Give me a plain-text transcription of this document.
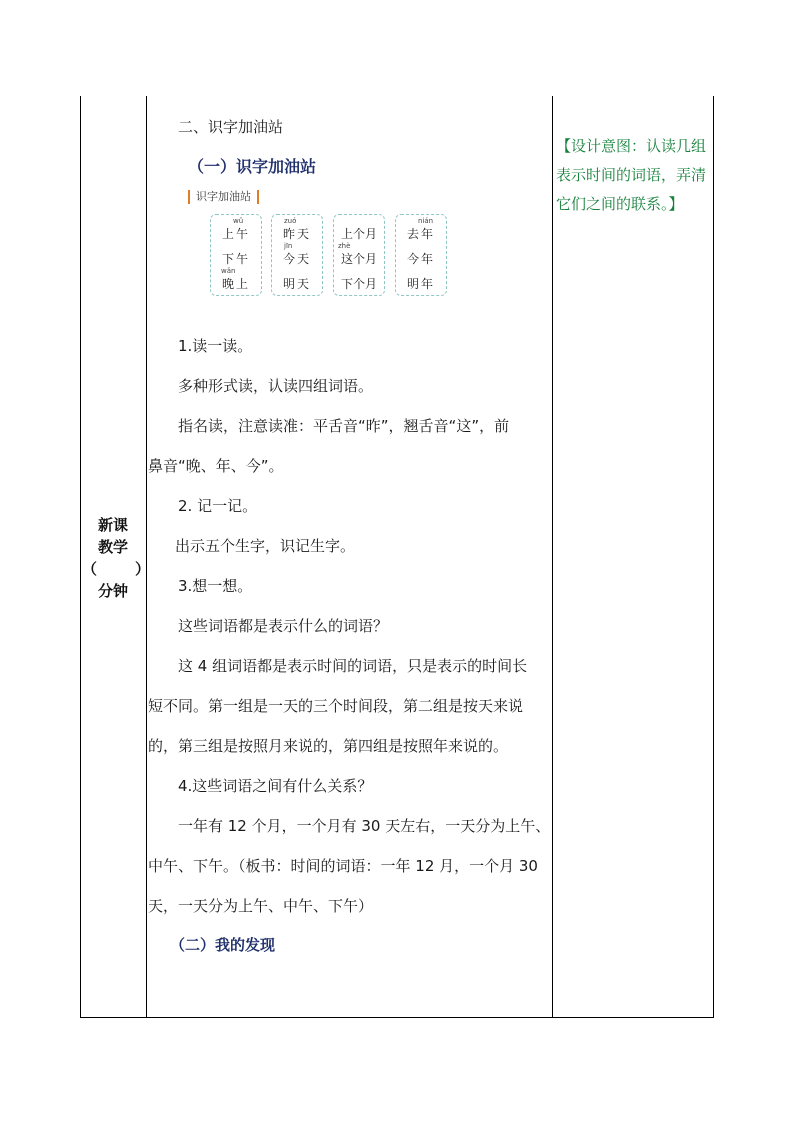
新课
教学
（	）
分钟
二、识字加油站
（一）识字加油站
识字加油站
wǔ
上午
下午
wǎn
晚上
zuó
昨天
jīn
今天
明天
上个月
zhè
这个月
下个月
nián
去年
今年
明年
1.读一读。
多种形式读，认读四组词语。
指名读，注意读准：平舌音“昨”，翘舌音“这”，前
鼻音“晚、年、今”。
2. 记一记。
出示五个生字，识记生字。
3.想一想。
这些词语都是表示什么的词语？
这 4 组词语都是表示时间的词语，只是表示的时间长
短不同。第一组是一天的三个时间段，第二组是按天来说
的，第三组是按照月来说的，第四组是按照年来说的。
4.这些词语之间有什么关系？
一年有 12 个月，一个月有 30 天左右，一天分为上午、
中午、下午。（板书：时间的词语：一年 12 月，一个月 30
天，一天分为上午、中午、下午）
（二）我的发现
【设计意图：认读几组表示时间的词语，弄清它们之间的联系。】
